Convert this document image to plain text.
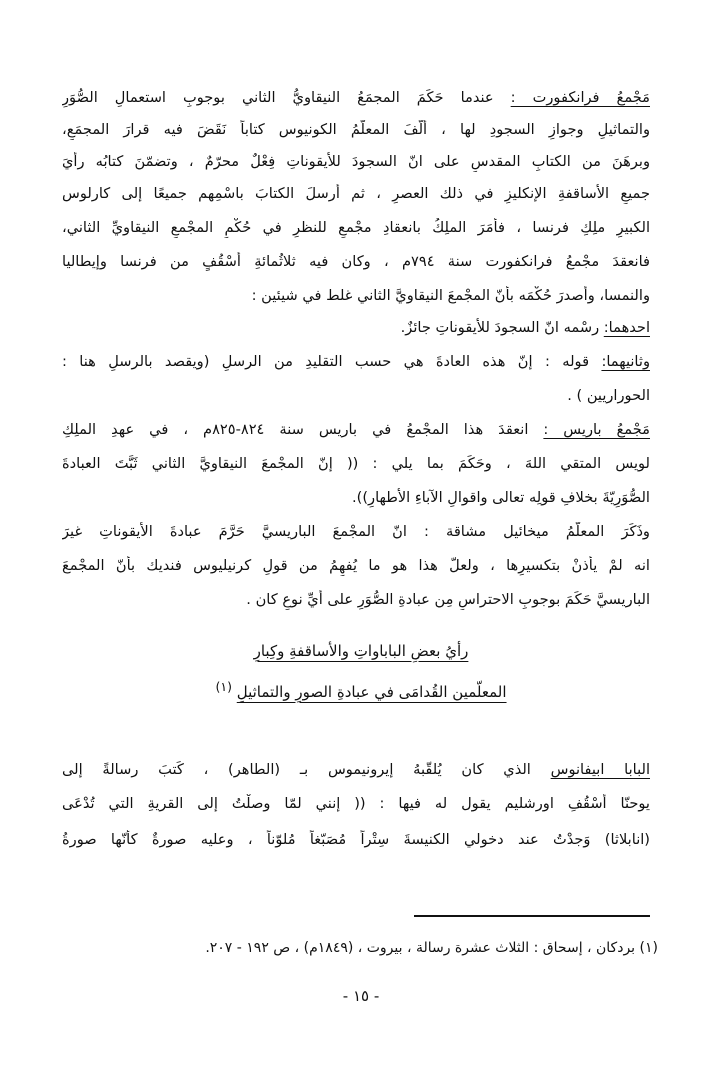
مَجْمعُ فرانكفورت : عندما حَكَمَ المجمَعُ النيقاويُّ الثاني بوجوبِ استعمالِ الصُّوَرِ
والتماثيلِ وجوازِ السجودِ لها ، ألّفَ المعلّمُ الكونيوس كتاباً نَقَضَ فيه قرارَ المجمَعِ،
وبرهَنَ من الكتابِ المقدسِ على انّ السجودَ للأيقوناتِ فِعْلٌ محرّمٌ ، وتضمّنَ كتابُه رأيَ
جميعِ الأساقفةِ الإنكليزِ في ذلك العصرِ ، ثم أرسلَ الكتابَ باسْمِهم جميعًا إلى كارلوس
الكبيرِ ملِكِ فرنسا ، فأمَرَ الملِكُ بانعقادِ مجْمعٍ للنظرِ في حُكْمِ المجْمعِ النيقاويِّ الثاني،
فانعقدَ مجْمعُ فرانكفورت سنة ٧٩٤م ، وكان فيه ثلاثُمائةِ أُسْقُفٍ من فرنسا وإيطاليا
والنمسا، وأصدرَ حُكْمَه بأنّ المجْمعَ النيقاويَّ الثاني غلط في شيئين :
احدهما: رسْمه انّ السجودَ للأيقوناتِ جائزٌ.
وثانيهما: قوله : إنّ هذه العادةَ هي حسب التقليدِ من الرسلِ (ويقصد بالرسلِ هنا :
الحوراريين ) .
مَجْمعُ باريس : انعقدَ هذا المجْمعُ في باريس سنة ٨٢٤-٨٢٥م ، في عهدِ الملِكِ
لويس المتقي اللهَ ، وحَكَمَ بما يلي : (( إنّ المجْمعَ النيقاويَّ الثاني ثَبَّتَ العبادةَ
الصُّوَرِيّةَ بخلافِ قولِه تعالى واقوالِ الآباءِ الأطهارِ)).
وذَكَرَ المعلّمُ ميخائيل مشاقة : انّ المجْمعَ الباريسيَّ حَرَّمَ عبادةَ الأيقوناتِ غيرَ
انه لمْ يأذنْ بتكسيرِها ، ولعلّ هذا هو ما يُفهِمُ من قولِ كرنيليوس فنديك بأنّ المجْمعَ
الباريسيَّ حَكَمَ بوجوبِ الاحتراسِ مِن عبادةِ الصُّوَرِ على أيِّ نوعٍ كان .
رأيُ بعضِ الباباواتِ والأساقفةِ وكِبارِ
المعلّمين القُدامَى في عبادةِ الصورِ والتماثيلِ $^{(١)}$
البابا ابيفانوس الذي كان يُلقّبهُ إيرونيموس بـ (الطاهر) ، كَتبَ رسالةً إلى
يوحنّا أُسْقُفِ اورشليم يقول له فيها : (( إنني لمّا وصلْتُ إلى القريةِ التي تُدْعَى
(انابلاثا) وَجدْتُ عند دخولي الكنيسةَ سِتْراً مُصَبّغاً مُلوّناً ، وعليه صورةٌ كأنّها صورةُ
(١) بردكان ، إسحاق : الثلاث عشرة رسالة ، بيروت ، (١٨٤٩م) ، ص ١٩٢ - ٢٠٧.
- ١٥ -
